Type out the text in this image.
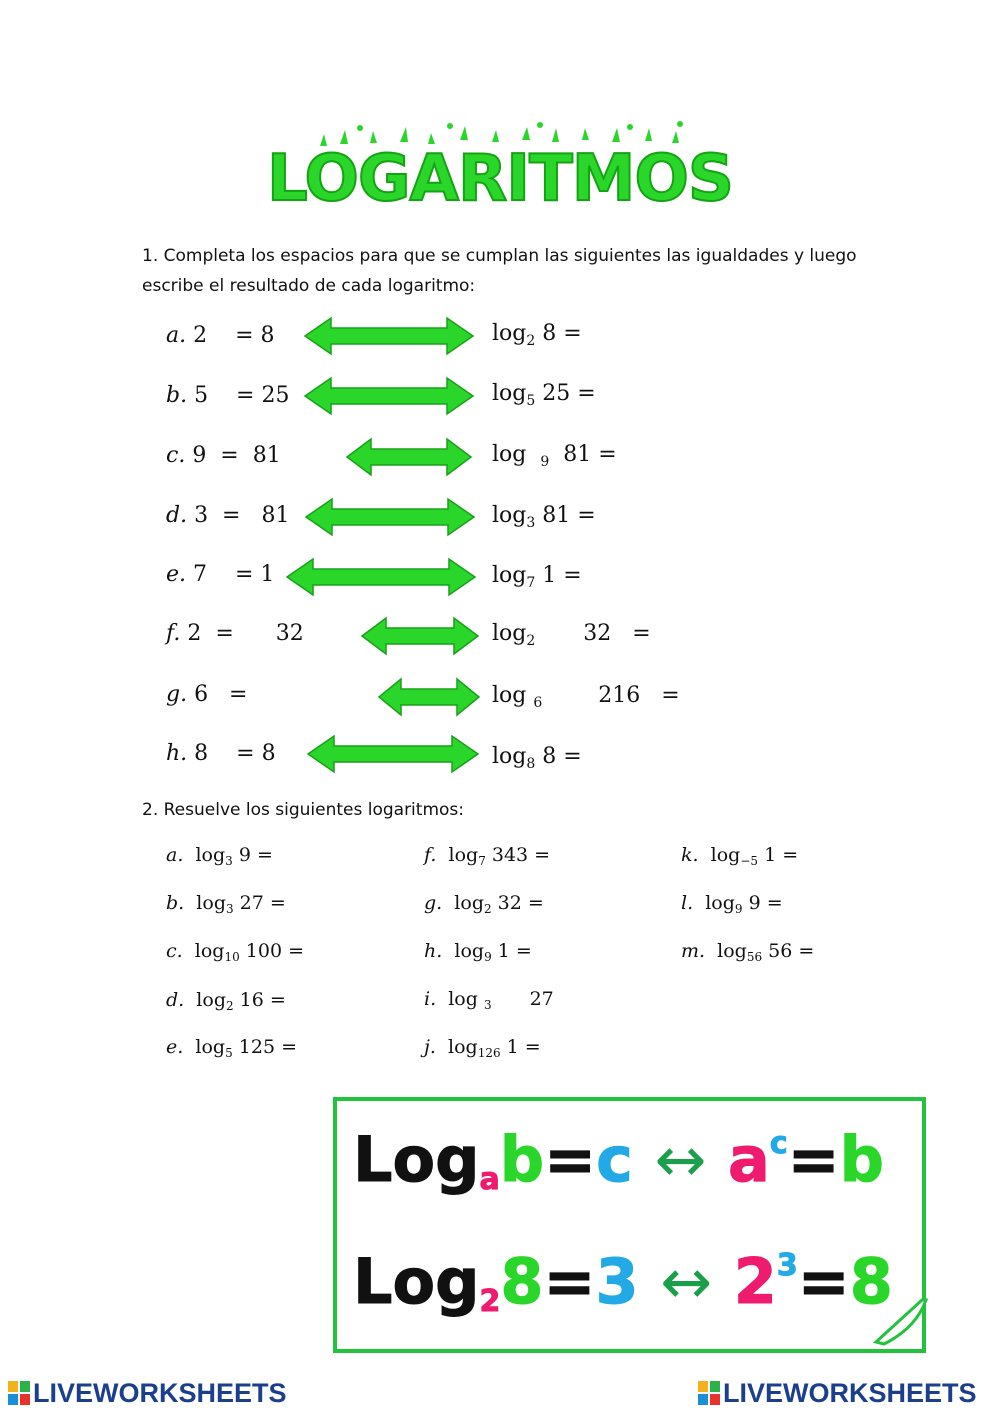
LOGARITMOS
1. Completa los espacios para que se cumplan las siguientes las igualdades y luego
escribe el resultado de cada logaritmo:
a. 2    = 8
b. 5    = 25
c. 9  =  81
d. 3  =   81
e. 7    = 1
f. 2  =      32
g. 6   =
h. 8    = 8
$\log_2 8$ =
$\log_5 25$ =
log $_9$ 81 =
$\log_3 81$ =
$\log_7 1$ =
$\log_2 32$   =
log $_6$	216   =
$\log_8 8$ =
2. Resuelve los siguientes logaritmos:
a. $\log_3 9$ =
b. $\log_3 27$ =
c. $\log_{10} 100$ =
d. $\log_2 16$ =
e. $\log_5 125$ =
f. $\log_7 343$ =
g. $\log_2 32$ =
h. $\log_9 1$ =
i. log $_3$ 27
j. $\log_{126} 1$ =
k. $\log_{-5} 1$ =
l. $\log_9 9$ =
m. $\log_{56} 56$ =
Log$_a$b=c ↔ $a^c=b$
Log$_2$8=3 ↔ $2^3=8$
LIVEWORKSHEETS	LIVEWORKSHEETS
